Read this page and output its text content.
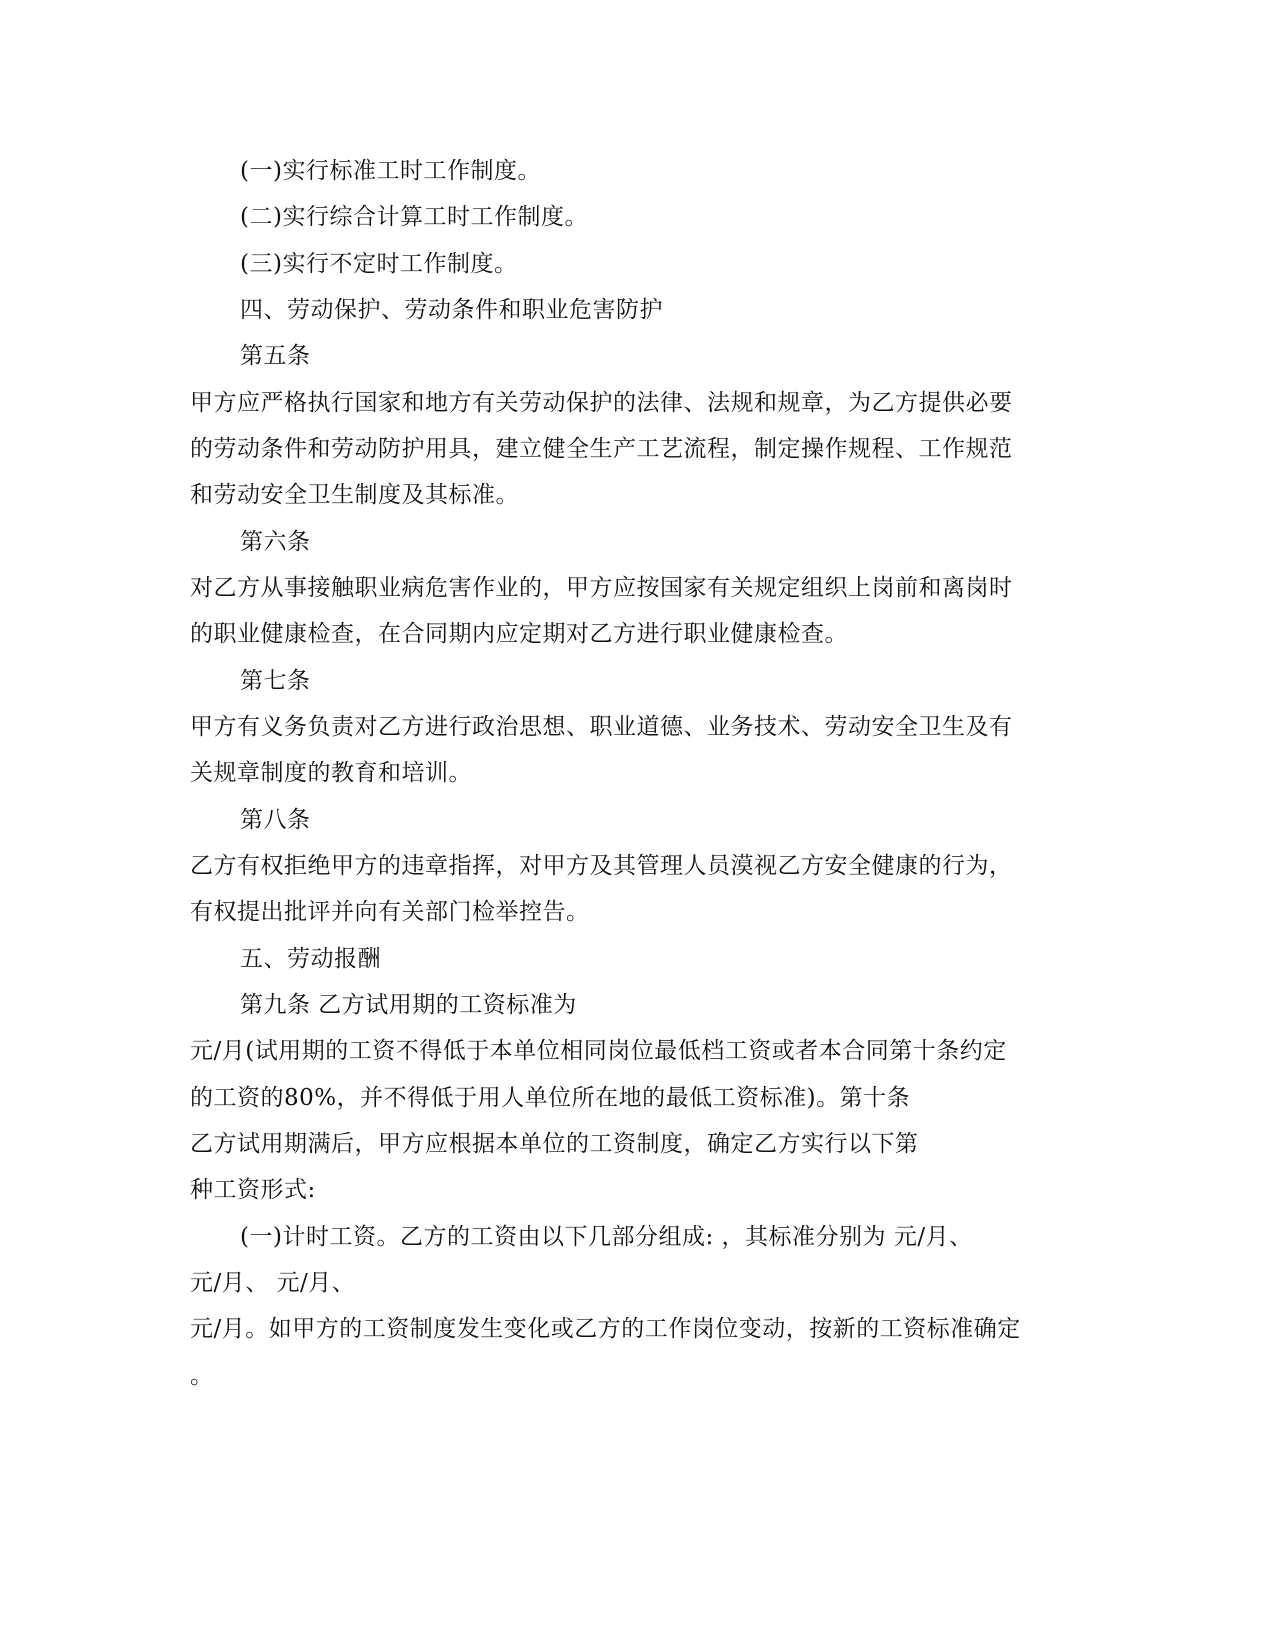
(一)实行标准工时工作制度。
(二)实行综合计算工时工作制度。
(三)实行不定时工作制度。
四、劳动保护、劳动条件和职业危害防护
第五条
甲方应严格执行国家和地方有关劳动保护的法律、法规和规章，为乙方提供必要
的劳动条件和劳动防护用具，建立健全生产工艺流程，制定操作规程、工作规范
和劳动安全卫生制度及其标准。
第六条
对乙方从事接触职业病危害作业的，甲方应按国家有关规定组织上岗前和离岗时
的职业健康检查，在合同期内应定期对乙方进行职业健康检查。
第七条
甲方有义务负责对乙方进行政治思想、职业道德、业务技术、劳动安全卫生及有
关规章制度的教育和培训。
第八条
乙方有权拒绝甲方的违章指挥，对甲方及其管理人员漠视乙方安全健康的行为，
有权提出批评并向有关部门检举控告。
五、劳动报酬
第九条 乙方试用期的工资标准为
元/月(试用期的工资不得低于本单位相同岗位最低档工资或者本合同第十条约定
的工资的80%，并不得低于用人单位所在地的最低工资标准)。第十条
乙方试用期满后，甲方应根据本单位的工资制度，确定乙方实行以下第
种工资形式:
(一)计时工资。乙方的工资由以下几部分组成: ，其标准分别为 元/月、
元/月、 元/月、
元/月。如甲方的工资制度发生变化或乙方的工作岗位变动，按新的工资标准确定
。
